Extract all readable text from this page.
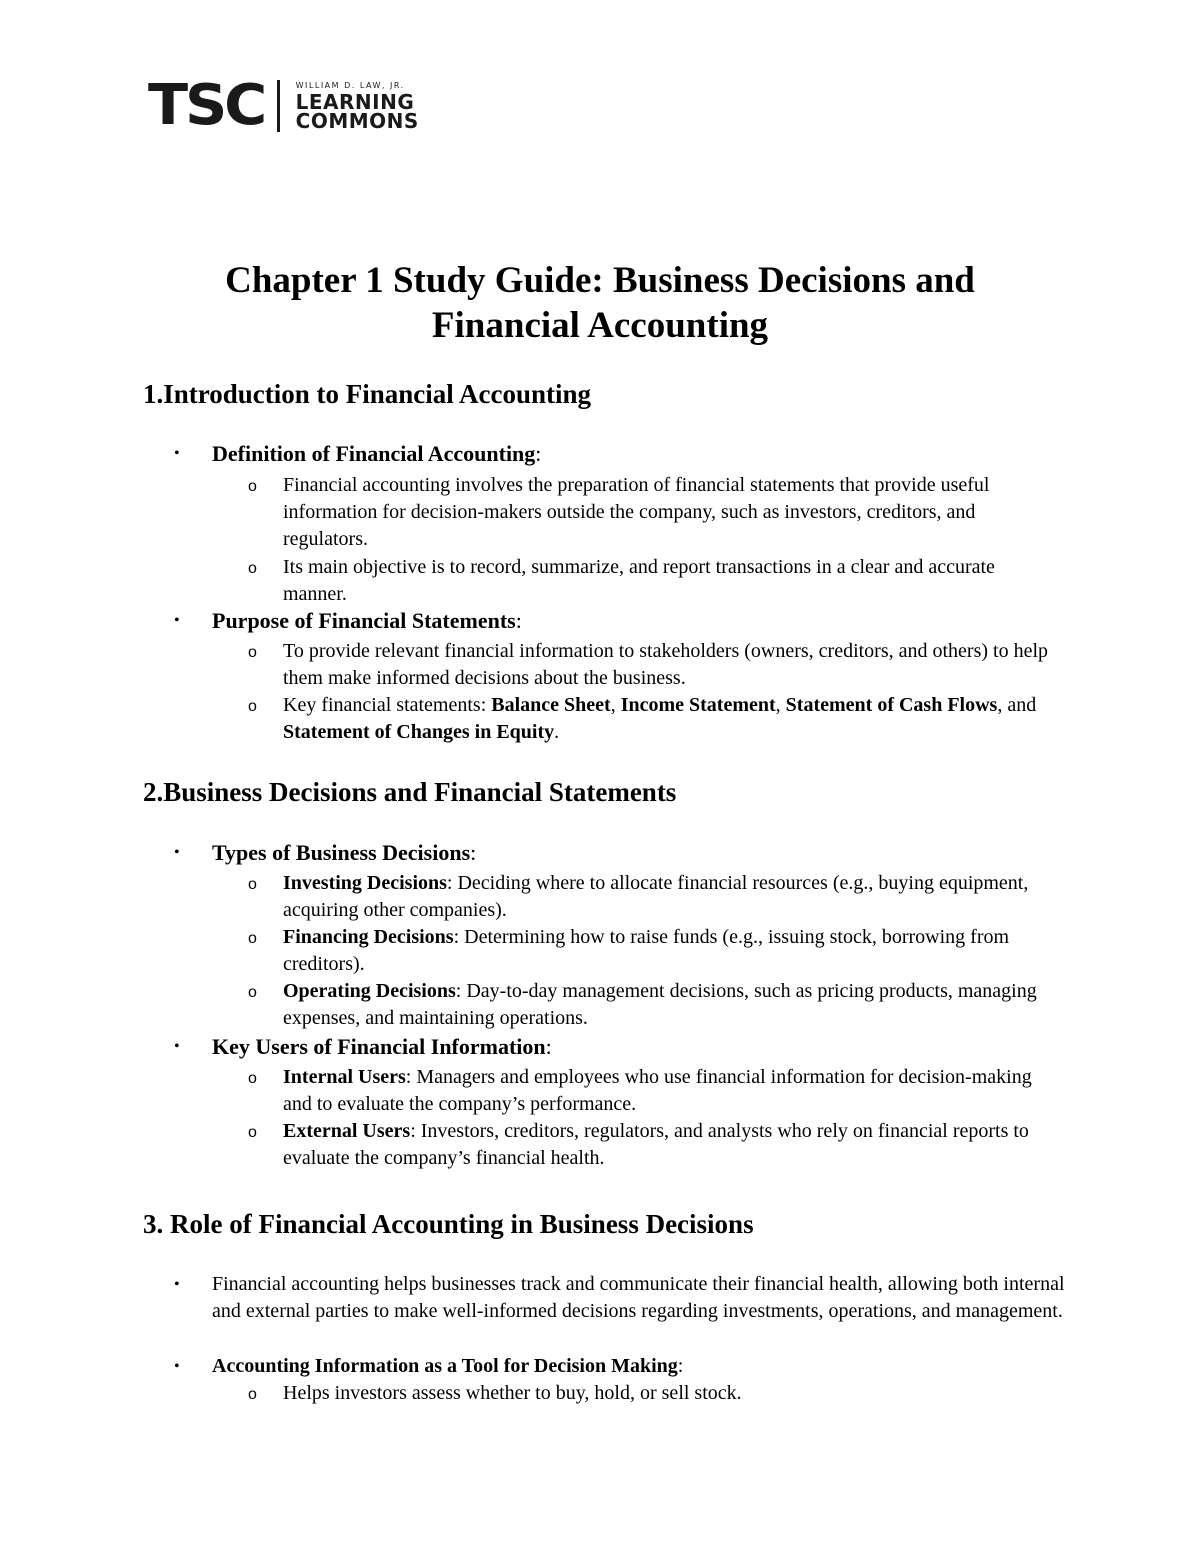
TSC	WILLIAM D. LAW, JR.
LEARNING
COMMONS
Chapter 1 Study Guide: Business Decisions and
Financial Accounting
1.Introduction to Financial Accounting
• Definition of Financial Accounting:
o Financial accounting involves the preparation of financial statements that provide useful information for decision-makers outside the company, such as investors, creditors, and regulators.
o Its main objective is to record, summarize, and report transactions in a clear and accurate manner.
• Purpose of Financial Statements:
o To provide relevant financial information to stakeholders (owners, creditors, and others) to help them make informed decisions about the business.
o Key financial statements: Balance Sheet, Income Statement, Statement of Cash Flows, and Statement of Changes in Equity.
2.Business Decisions and Financial Statements
• Types of Business Decisions:
o Investing Decisions: Deciding where to allocate financial resources (e.g., buying equipment, acquiring other companies).
o Financing Decisions: Determining how to raise funds (e.g., issuing stock, borrowing from creditors).
o Operating Decisions: Day-to-day management decisions, such as pricing products, managing expenses, and maintaining operations.
• Key Users of Financial Information:
o Internal Users: Managers and employees who use financial information for decision-making and to evaluate the company’s performance.
o External Users: Investors, creditors, regulators, and analysts who rely on financial reports to evaluate the company’s financial health.
3. Role of Financial Accounting in Business Decisions
• Financial accounting helps businesses track and communicate their financial health, allowing both internal and external parties to make well-informed decisions regarding investments, operations, and management.
• Accounting Information as a Tool for Decision Making:
o Helps investors assess whether to buy, hold, or sell stock.
